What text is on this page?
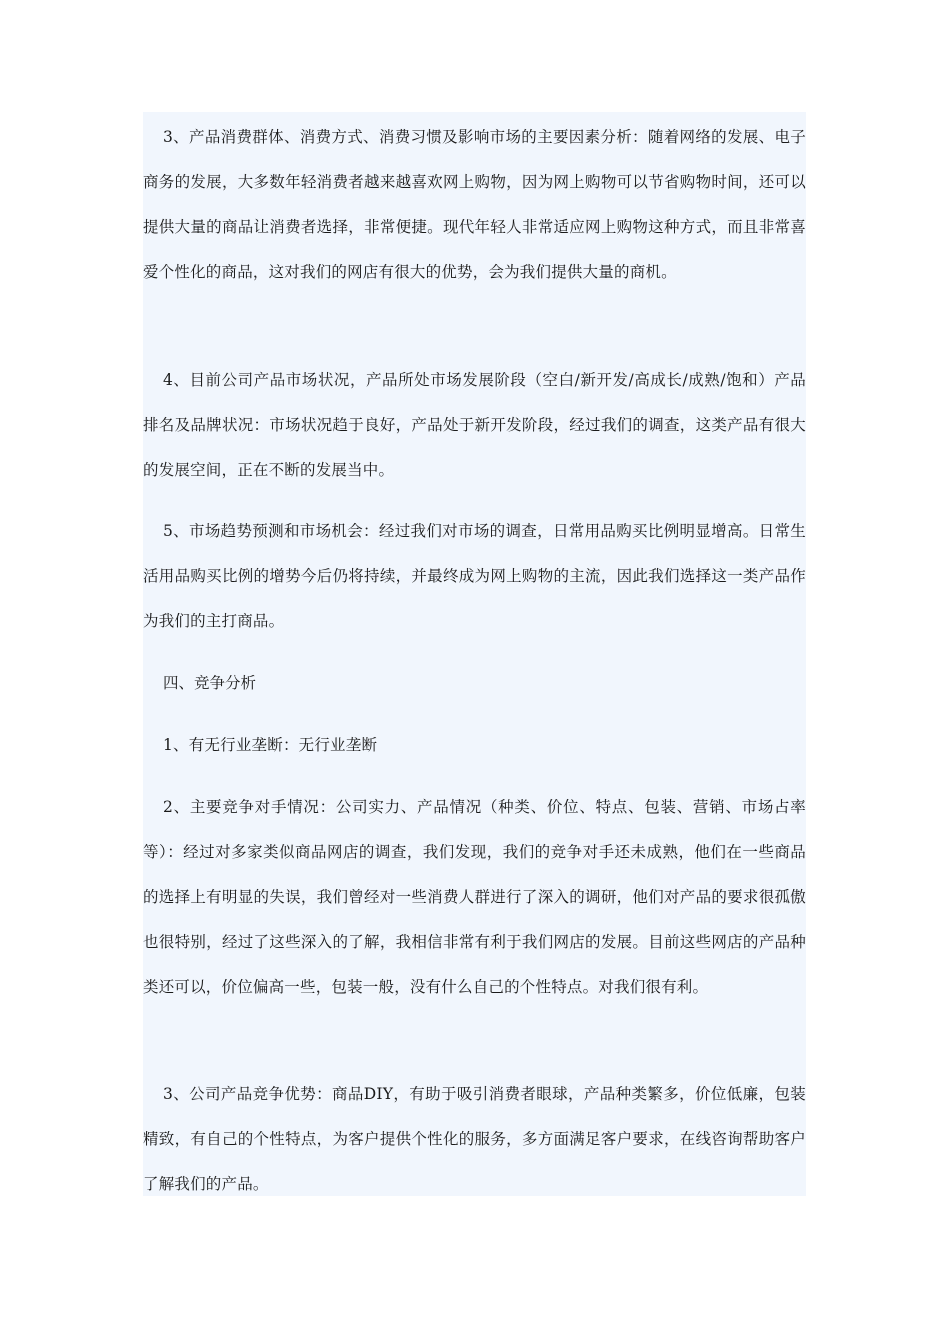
3、产品消费群体、消费方式、消费习惯及影响市场的主要因素分析：随着网络的发展、电子商务的发展，大多数年轻消费者越来越喜欢网上购物，因为网上购物可以节省购物时间，还可以提供大量的商品让消费者选择，非常便捷。现代年轻人非常适应网上购物这种方式，而且非常喜爱个性化的商品，这对我们的网店有很大的优势，会为我们提供大量的商机。

4、目前公司产品市场状况，产品所处市场发展阶段（空白/新开发/高成长/成熟/饱和）产品排名及品牌状况：市场状况趋于良好，产品处于新开发阶段，经过我们的调查，这类产品有很大的发展空间，正在不断的发展当中。

5、市场趋势预测和市场机会：经过我们对市场的调查，日常用品购买比例明显增高。日常生活用品购买比例的增势今后仍将持续，并最终成为网上购物的主流，因此我们选择这一类产品作为我们的主打商品。

四、竞争分析

1、有无行业垄断：无行业垄断

2、主要竞争对手情况：公司实力、产品情况（种类、价位、特点、包装、营销、市场占率等）：经过对多家类似商品网店的调查，我们发现，我们的竞争对手还未成熟，他们在一些商品的选择上有明显的失误，我们曾经对一些消费人群进行了深入的调研，他们对产品的要求很孤傲也很特别，经过了这些深入的了解，我相信非常有利于我们网店的发展。目前这些网店的产品种类还可以，价位偏高一些，包装一般，没有什么自己的个性特点。对我们很有利。

3、公司产品竞争优势：商品DIY，有助于吸引消费者眼球，产品种类繁多，价位低廉，包装精致，有自己的个性特点，为客户提供个性化的服务，多方面满足客户要求，在线咨询帮助客户了解我们的产品。
